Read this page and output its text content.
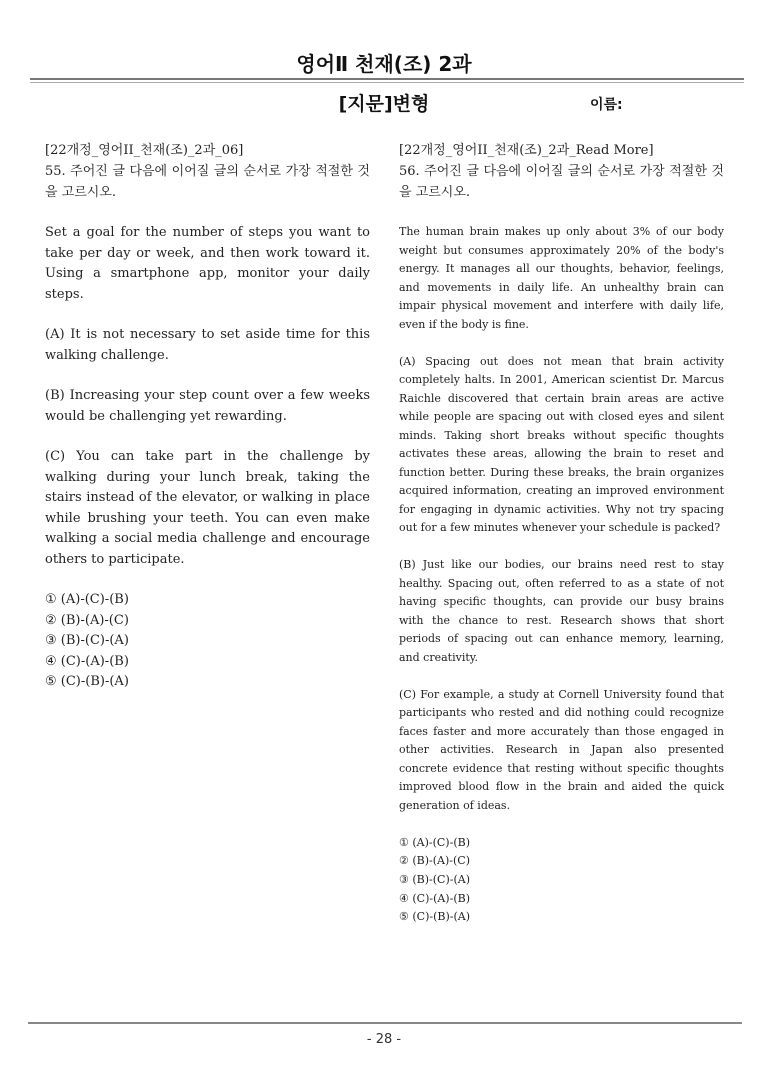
영어Ⅱ 천재(조) 2과
[지문]변형	이름:

[22개정_영어II_천재(조)_2과_06]

55. 주어진 글 다음에 이어질 글의 순서로 가장 적절한 것을 고르시오.

Set a goal for the number of steps you want to take per day or week, and then work toward it. Using a smartphone app, monitor your daily steps.

(A) It is not necessary to set aside time for this walking challenge.

(B) Increasing your step count over a few weeks would be challenging yet rewarding.

(C) You can take part in the challenge by walking during your lunch break, taking the stairs instead of the elevator, or walking in place while brushing your teeth. You can even make walking a social media challenge and encourage others to participate.

① (A)-(C)-(B)
② (B)-(A)-(C)
③ (B)-(C)-(A)
④ (C)-(A)-(B)
⑤ (C)-(B)-(A)

[22개정_영어II_천재(조)_2과_Read More]

56. 주어진 글 다음에 이어질 글의 순서로 가장 적절한 것을 고르시오.

The human brain makes up only about 3% of our body weight but consumes approximately 20% of the body's energy. It manages all our thoughts, behavior, feelings, and movements in daily life. An unhealthy brain can impair physical movement and interfere with daily life, even if the body is fine.

(A) Spacing out does not mean that brain activity completely halts. In 2001, American scientist Dr. Marcus Raichle discovered that certain brain areas are active while people are spacing out with closed eyes and silent minds. Taking short breaks without specific thoughts activates these areas, allowing the brain to reset and function better. During these breaks, the brain organizes acquired information, creating an improved environment for engaging in dynamic activities. Why not try spacing out for a few minutes whenever your schedule is packed?

(B) Just like our bodies, our brains need rest to stay healthy. Spacing out, often referred to as a state of not having specific thoughts, can provide our busy brains with the chance to rest. Research shows that short periods of spacing out can enhance memory, learning, and creativity.

(C) For example, a study at Cornell University found that participants who rested and did nothing could recognize faces faster and more accurately than those engaged in other activities. Research in Japan also presented concrete evidence that resting without specific thoughts improved blood flow in the brain and aided the quick generation of ideas.

① (A)-(C)-(B)
② (B)-(A)-(C)
③ (B)-(C)-(A)
④ (C)-(A)-(B)
⑤ (C)-(B)-(A)
- 28 -
